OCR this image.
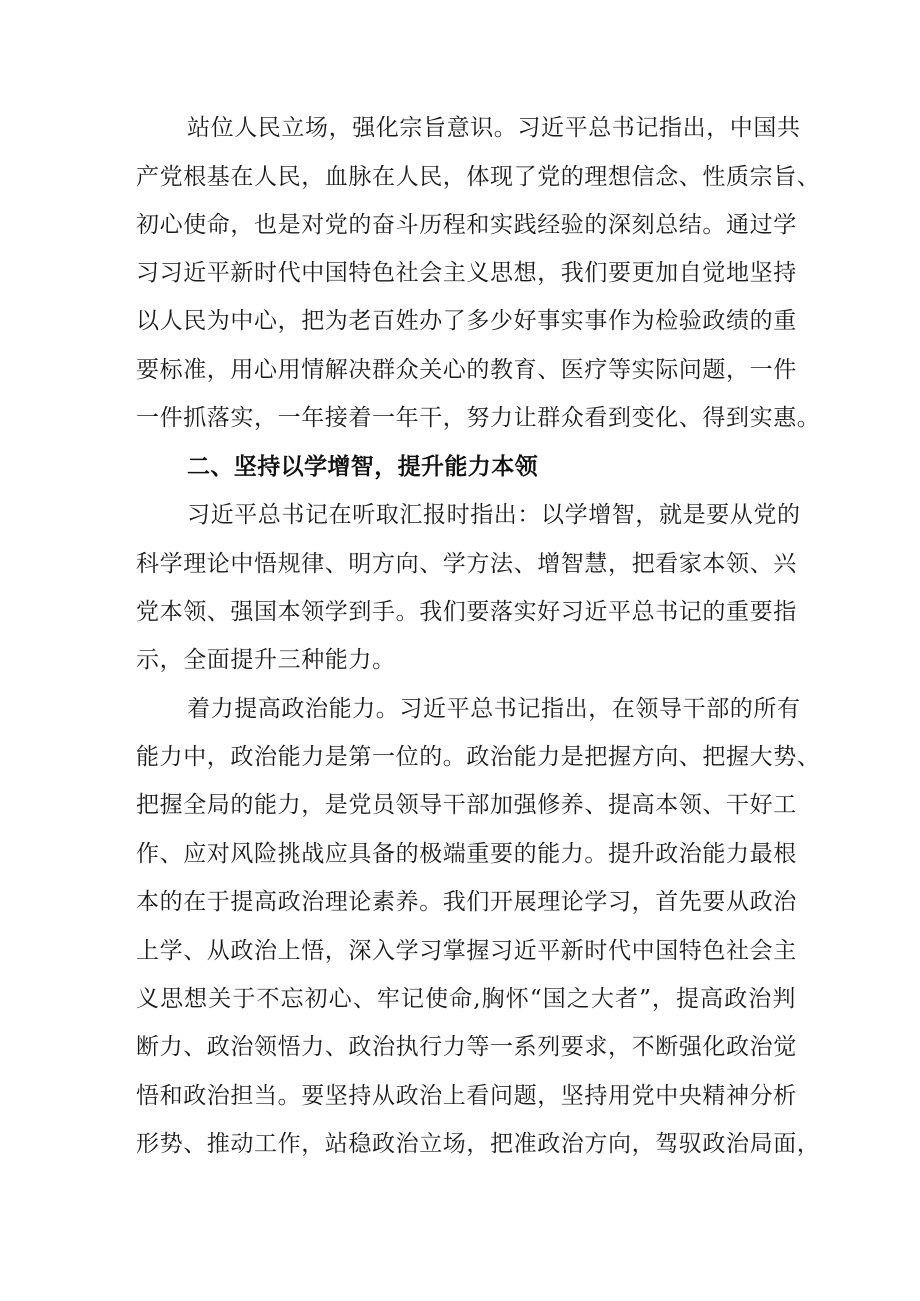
站位人民立场，强化宗旨意识。习近平总书记指出，中国共
产党根基在人民，血脉在人民，体现了党的理想信念、性质宗旨、
初心使命，也是对党的奋斗历程和实践经验的深刻总结。通过学
习习近平新时代中国特色社会主义思想，我们要更加自觉地坚持
以人民为中心，把为老百姓办了多少好事实事作为检验政绩的重
要标准，用心用情解决群众关心的教育、医疗等实际问题，一件
一件抓落实，一年接着一年干，努力让群众看到变化、得到实惠。
二、坚持以学增智，提升能力本领
习近平总书记在听取汇报时指出：以学增智，就是要从党的
科学理论中悟规律、明方向、学方法、增智慧，把看家本领、兴
党本领、强国本领学到手。我们要落实好习近平总书记的重要指
示，全面提升三种能力。
着力提高政治能力。习近平总书记指出，在领导干部的所有
能力中，政治能力是第一位的。政治能力是把握方向、把握大势、
把握全局的能力，是党员领导干部加强修养、提高本领、干好工
作、应对风险挑战应具备的极端重要的能力。提升政治能力最根
本的在于提高政治理论素养。我们开展理论学习，首先要从政治
上学、从政治上悟，深入学习掌握习近平新时代中国特色社会主
义思想关于不忘初心、牢记使命,胸怀“国之大者”，提高政治判
断力、政治领悟力、政治执行力等一系列要求，不断强化政治觉
悟和政治担当。要坚持从政治上看问题，坚持用党中央精神分析
形势、推动工作，站稳政治立场，把准政治方向，驾驭政治局面，
